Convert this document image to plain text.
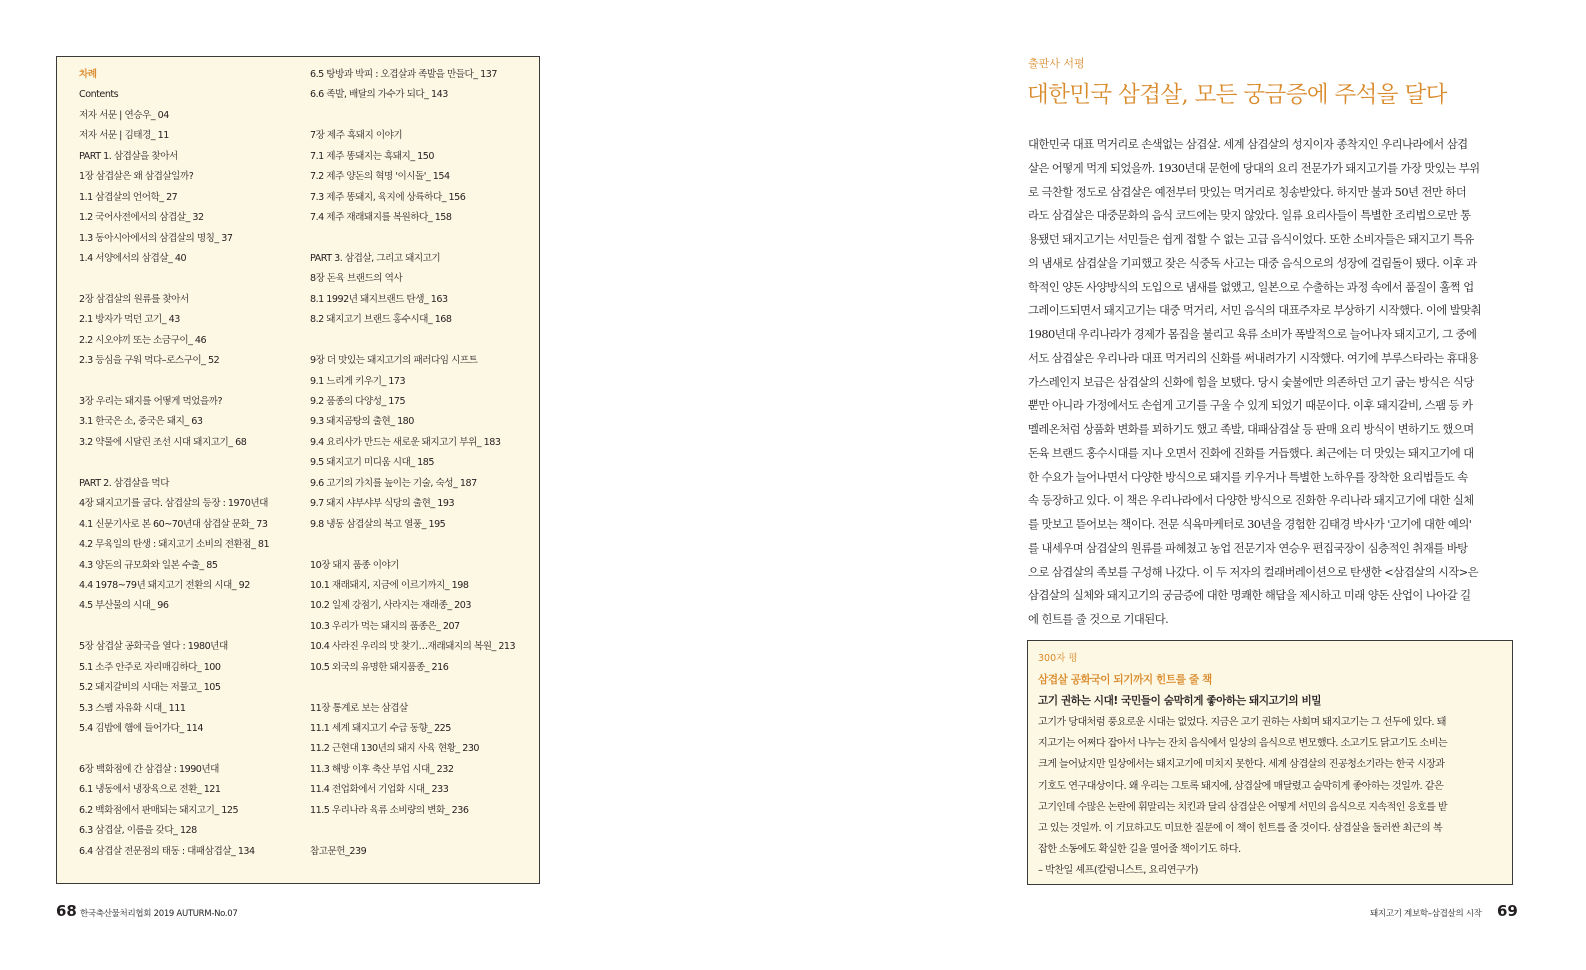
차례
Contents
저자 서문 | 연승우_ 04
저자 서문 | 김태경_ 11
PART 1. 삼겹살을 찾아서
1장 삼겹살은 왜 삼겹살일까?
1.1 삼겹살의 언어학_ 27
1.2 국어사전에서의 삼겹살_ 32
1.3 동아시아에서의 삼겹살의 명칭_ 37
1.4 서양에서의 삼겹살_ 40
2장 삼겹살의 원류를 찾아서
2.1 방자가 먹던 고기_ 43
2.2 시오야끼 또는 소금구이_ 46
2.3 등심을 구워 먹다–로스구이_ 52
3장 우리는 돼지를 어떻게 먹었을까?
3.1 한국은 소, 중국은 돼지_ 63
3.2 약물에 시달린 조선 시대 돼지고기_ 68
PART 2. 삼겹살을 먹다
4장 돼지고기를 굽다. 삼겹살의 등장 : 1970년대
4.1 신문기사로 본 60~70년대 삼겹살 문화_ 73
4.2 무육일의 탄생 : 돼지고기 소비의 전환점_ 81
4.3 양돈의 규모화와 일본 수출_ 85
4.4 1978~79년 돼지고기 전환의 시대_ 92
4.5 부산물의 시대_ 96
5장 삼겹살 공화국을 열다 : 1980년대
5.1 소주 안주로 자리매김하다_ 100
5.2 돼지갈비의 시대는 저물고_ 105
5.3 스팸 자유화 시대_ 111
5.4 김밥에 햄에 들어가다_ 114
6장 백화점에 간 삼겹살 : 1990년대
6.1 냉동에서 냉장육으로 전환_ 121
6.2 백화점에서 판매되는 돼지고기_ 125
6.3 삼겹살, 이름을 갖다_ 128
6.4 삼겹살 전문점의 태동 : 대패삼겹살_ 134
6.5 탕방과 박피 : 오겹살과 족발을 만들다_ 137
6.6 족발, 배달의 가수가 되다_ 143
7장 제주 흑돼지 이야기
7.1 제주 똥돼지는 흑돼지_ 150
7.2 제주 양돈의 혁명 '이시돌'_ 154
7.3 제주 똥돼지, 육지에 상륙하다_ 156
7.4 제주 재래돼지를 복원하다_ 158
PART 3. 삼겹살, 그리고 돼지고기
8장 돈육 브랜드의 역사
8.1 1992년 돼지브랜드 탄생_ 163
8.2 돼지고기 브랜드 홍수시대_ 168
9장 더 맛있는 돼지고기의 패러다임 시프트
9.1 느리게 키우기_ 173
9.2 품종의 다양성_ 175
9.3 돼지곰탕의 출현_ 180
9.4 요리사가 만드는 새로운 돼지고기 부위_ 183
9.5 돼지고기 미디움 시대_ 185
9.6 고기의 가치를 높이는 기술, 숙성_ 187
9.7 돼지 샤부샤부 식당의 출현_ 193
9.8 냉동 삼겹살의 복고 열풍_ 195
10장 돼지 품종 이야기
10.1 재래돼지, 지금에 이르기까지_ 198
10.2 일제 강점기, 사라지는 재래종_ 203
10.3 우리가 먹는 돼지의 품종은_ 207
10.4 사라진 우리의 맛 찾기…재래돼지의 복원_ 213
10.5 외국의 유명한 돼지품종_ 216
11장 통계로 보는 삼겹살
11.1 세계 돼지고기 수급 동향_ 225
11.2 근현대 130년의 돼지 사육 현황_ 230
11.3 해방 이후 축산 부업 시대_ 232
11.4 전업화에서 기업화 시대_ 233
11.5 우리나라 육류 소비량의 변화_ 236
참고문헌_239
68 한국축산물처리협회 2019 AUTURM-No.07
출판사 서평
대한민국 삼겹살, 모든 궁금증에 주석을 달다
대한민국 대표 먹거리로 손색없는 삼겹살. 세계 삼겹살의 성지이자 종착지인 우리나라에서 삼겹
살은 어떻게 먹게 되었을까. 1930년대 문헌에 당대의 요리 전문가가 돼지고기를 가장 맛있는 부위
로 극찬할 정도로 삼겹살은 예전부터 맛있는 먹거리로 칭송받았다. 하지만 불과 50년 전만 하더
라도 삼겹살은 대중문화의 음식 코드에는 맞지 않았다. 일류 요리사들이 특별한 조리법으로만 통
용됐던 돼지고기는 서민들은 쉽게 접할 수 없는 고급 음식이었다. 또한 소비자들은 돼지고기 특유
의 냄새로 삼겹살을 기피했고 잦은 식중독 사고는 대중 음식으로의 성장에 걸림돌이 됐다. 이후 과
학적인 양돈 사양방식의 도입으로 냄새를 없앴고, 일본으로 수출하는 과정 속에서 품질이 훌쩍 업
그레이드되면서 돼지고기는 대중 먹거리, 서민 음식의 대표주자로 부상하기 시작했다. 이에 발맞춰
1980년대 우리나라가 경제가 몸집을 불리고 육류 소비가 폭발적으로 늘어나자 돼지고기, 그 중에
서도 삼겹살은 우리나라 대표 먹거리의 신화를 써내려가기 시작했다. 여기에 부루스타라는 휴대용
가스레인지 보급은 삼겹살의 신화에 힘을 보탰다. 당시 숯불에만 의존하던 고기 굽는 방식은 식당
뿐만 아니라 가정에서도 손쉽게 고기를 구울 수 있게 되었기 때문이다. 이후 돼지갈비, 스팸 등 카
멜레온처럼 상품화 변화를 꾀하기도 했고 족발, 대패삼겹살 등 판매 요리 방식이 변하기도 했으며
돈육 브랜드 홍수시대를 지나 오면서 진화에 진화를 거듭했다. 최근에는 더 맛있는 돼지고기에 대
한 수요가 늘어나면서 다양한 방식으로 돼지를 키우거나 특별한 노하우를 장착한 요리법들도 속
속 등장하고 있다. 이 책은 우리나라에서 다양한 방식으로 진화한 우리나라 돼지고기에 대한 실체
를 맛보고 뜯어보는 책이다. 전문 식육마케터로 30년을 경험한 김태경 박사가 '고기에 대한 예의'
를 내세우며 삼겹살의 원류를 파헤쳤고 농업 전문기자 연승우 편집국장이 심층적인 취재를 바탕
으로 삼겹살의 족보를 구성해 나갔다. 이 두 저자의 컬래버레이션으로 탄생한 <삼겹살의 시작>은
삼겹살의 실체와 돼지고기의 궁금증에 대한 명쾌한 해답을 제시하고 미래 양돈 산업이 나아갈 길
에 힌트를 줄 것으로 기대된다.
300자 평
삼겹살 공화국이 되기까지 힌트를 줄 책
고기 권하는 시대! 국민들이 숨막히게 좋아하는 돼지고기의 비밀
고기가 당대처럼 풍요로운 시대는 없었다. 지금은 고기 권하는 사회며 돼지고기는 그 선두에 있다. 돼
지고기는 어쩌다 잡아서 나누는 잔치 음식에서 일상의 음식으로 변모했다. 소고기도 닭고기도 소비는
크게 늘어났지만 일상에서는 돼지고기에 미치지 못한다. 세계 삼겹살의 진공청소기라는 한국 시장과
기호도 연구대상이다. 왜 우리는 그토록 돼지에, 삼겹살에 매달렸고 숨막히게 좋아하는 것일까. 같은
고기인데 수많은 논란에 휘말리는 치킨과 달리 삼겹살은 어떻게 서민의 음식으로 지속적인 응호를 받
고 있는 것일까. 이 기묘하고도 미묘한 질문에 이 책이 힌트를 줄 것이다. 삼겹살을 둘러싼 최근의 복
잡한 소동에도 확실한 길을 열어줄 책이기도 하다.
– 박찬일 셰프(칼럼니스트, 요리연구가)
돼지고기 계보학–삼겹살의 시작 69
